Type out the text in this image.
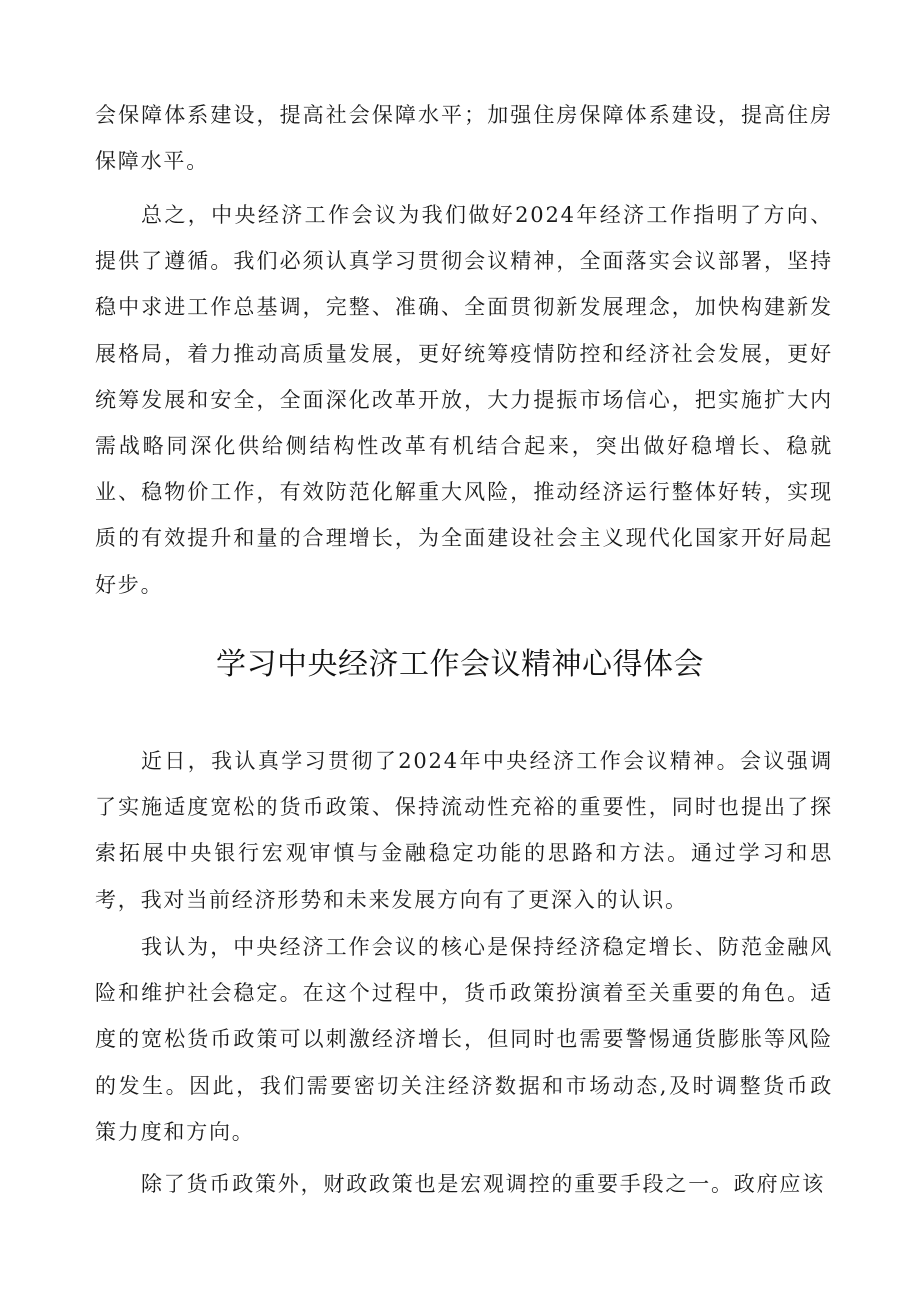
会保障体系建设，提高社会保障水平；加强住房保障体系建设，提高住房保障水平。

总之，中央经济工作会议为我们做好2024年经济工作指明了方向、提供了遵循。我们必须认真学习贯彻会议精神，全面落实会议部署，坚持稳中求进工作总基调，完整、准确、全面贯彻新发展理念，加快构建新发展格局，着力推动高质量发展，更好统筹疫情防控和经济社会发展，更好统筹发展和安全，全面深化改革开放，大力提振市场信心，把实施扩大内需战略同深化供给侧结构性改革有机结合起来，突出做好稳增长、稳就业、稳物价工作，有效防范化解重大风险，推动经济运行整体好转，实现质的有效提升和量的合理增长，为全面建设社会主义现代化国家开好局起好步。

学习中央经济工作会议精神心得体会

近日，我认真学习贯彻了2024年中央经济工作会议精神。会议强调了实施适度宽松的货币政策、保持流动性充裕的重要性，同时也提出了探索拓展中央银行宏观审慎与金融稳定功能的思路和方法。通过学习和思考，我对当前经济形势和未来发展方向有了更深入的认识。

我认为，中央经济工作会议的核心是保持经济稳定增长、防范金融风险和维护社会稳定。在这个过程中，货币政策扮演着至关重要的角色。适度的宽松货币政策可以刺激经济增长，但同时也需要警惕通货膨胀等风险的发生。因此，我们需要密切关注经济数据和市场动态,及时调整货币政策力度和方向。

除了货币政策外，财政政策也是宏观调控的重要手段之一。政府应该
